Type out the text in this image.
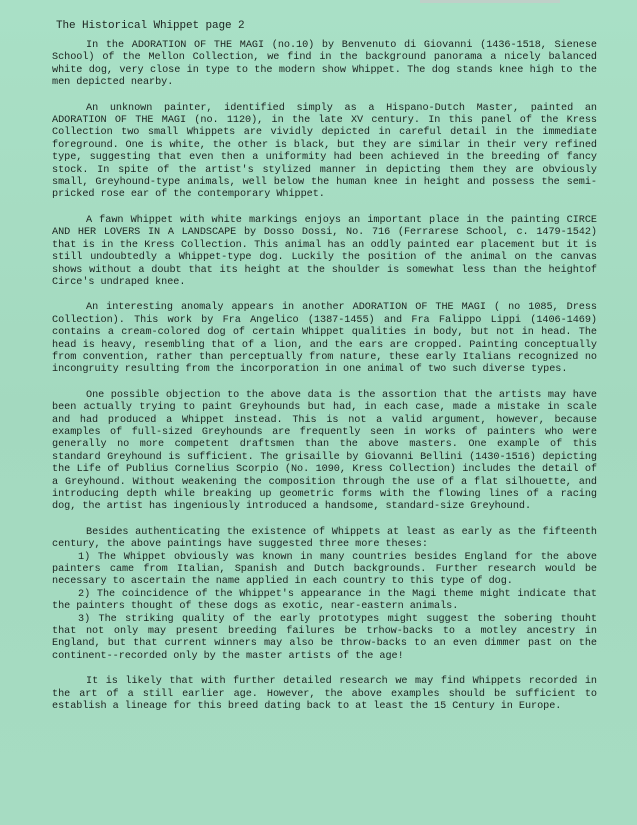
The Historical Whippet page 2

In the ADORATION OF THE MAGI (no.10) by Benvenuto di Giovanni (1436-1518, Sienese School) of the Mellon Collection, we find in the background panorama a nicely balanced white dog, very close in type to the modern show Whippet. The dog stands knee high to the men depicted nearby.

An unknown painter, identified simply as a Hispano-Dutch Master, painted an ADORATION OF THE MAGI (no. 1120), in the late XV century. In this panel of the Kress Collection two small Whippets are vividly depicted in careful detail in the immediate foreground. One is white, the other is black, but they are similar in their very refined type, suggesting that even then a uniformity had been achieved in the breeding of fancy stock. In spite of the artist's stylized manner in depicting them they are obviously small, Greyhound-type animals, well below the human knee in height and possess the semi-pricked rose ear of the contemporary Whippet.

A fawn Whippet with white markings enjoys an important place in the painting CIRCE AND HER LOVERS IN A LANDSCAPE by Dosso Dossi, No. 716 (Ferrarese School, c. 1479-1542) that is in the Kress Collection. This animal has an oddly painted ear placement but it is still undoubtedly a Whippet-type dog. Luckily the position of the animal on the canvas shows without a doubt that its height at the shoulder is somewhat less than the heightof Circe's undraped knee.

An interesting anomaly appears in another ADORATION OF THE MAGI ( no 1085, Dress Collection). This work by Fra Angelico (1387-1455) and Fra Falippo Lippi (1406-1469) contains a cream-colored dog of certain Whippet qualities in body, but not in head. The head is heavy, resembling that of a lion, and the ears are cropped. Painting conceptually from convention, rather than perceptually from nature, these early Italians recognized no incongruity resulting from the incorporation in one animal of two such diverse types.

One possible objection to the above data is the assortion that the artists may have been actually trying to paint Greyhounds but had, in each case, made a mistake in scale and had produced a Whippet instead. This is not a valid argument, however, because examples of full-sized Greyhounds are frequently seen in works of painters who were generally no more competent draftsmen than the above masters. One example of this standard Greyhound is sufficient. The grisaille by Giovanni Bellini (1430-1516) depicting the Life of Publius Cornelius Scorpio (No. 1090, Kress Collection) includes the detail of a Greyhound. Without weakening the composition through the use of a flat silhouette, and introducing depth while breaking up geometric forms with the flowing lines of a racing dog, the artist has ingeniously introduced a handsome, standard-size Greyhound.

Besides authenticating the existence of Whippets at least as early as the fifteenth century, the above paintings have suggested three more theses:

1) The Whippet obviously was known in many countries besides England for the above painters came from Italian, Spanish and Dutch backgrounds. Further research would be necessary to ascertain the name applied in each country to this type of dog.

2) The coincidence of the Whippet's appearance in the Magi theme might indicate that the painters thought of these dogs as exotic, near-eastern animals.

3) The striking quality of the early prototypes might suggest the sobering thouht that not only may present breeding failures be trhow-backs to a motley ancestry in England, but that current winners may also be throw-backs to an even dimmer past on the continent--recorded only by the master artists of the age!

It is likely that with further detailed research we may find Whippets recorded in the art of a still earlier age. However, the above examples should be sufficient to establish a lineage for this breed dating back to at least the 15 Century in Europe.
